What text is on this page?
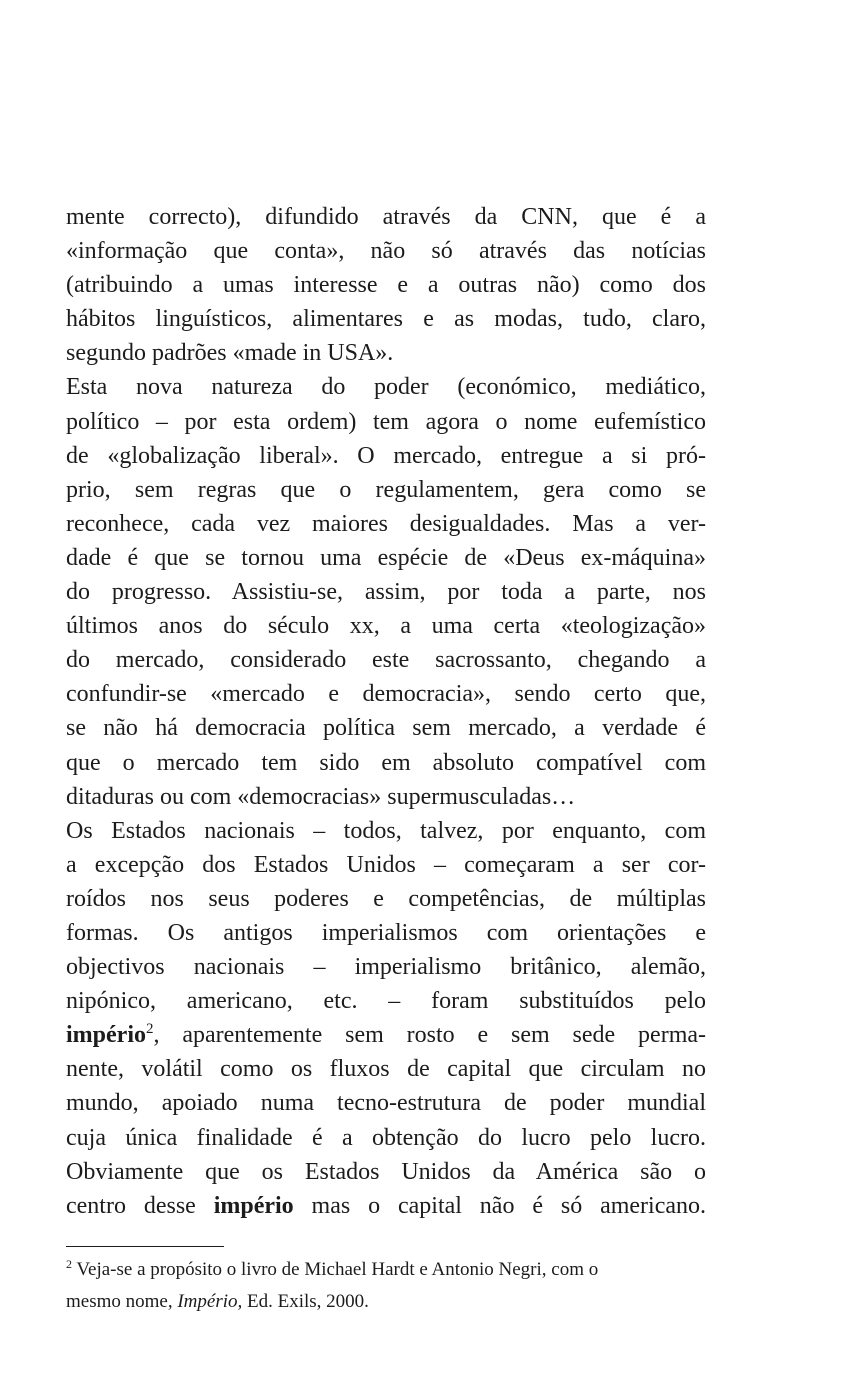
mente correcto), difundido através da CNN, que é a
«informação que conta», não só através das notícias
(atribuindo a umas interesse e a outras não) como dos
hábitos linguísticos, alimentares e as modas, tudo, claro,
segundo padrões «made in USA».
Esta nova natureza do poder (económico, mediático,
político – por esta ordem) tem agora o nome eufemístico
de «globalização liberal». O mercado, entregue a si pró-
prio, sem regras que o regulamentem, gera como se
reconhece, cada vez maiores desigualdades. Mas a ver-
dade é que se tornou uma espécie de «Deus ex-máquina»
do progresso. Assistiu-se, assim, por toda a parte, nos
últimos anos do século xx, a uma certa «teologização»
do mercado, considerado este sacrossanto, chegando a
confundir-se «mercado e democracia», sendo certo que,
se não há democracia política sem mercado, a verdade é
que o mercado tem sido em absoluto compatível com
ditaduras ou com «democracias» supermusculadas…
Os Estados nacionais – todos, talvez, por enquanto, com
a excepção dos Estados Unidos – começaram a ser cor-
roídos nos seus poderes e competências, de múltiplas
formas. Os antigos imperialismos com orientações e
objectivos nacionais – imperialismo britânico, alemão,
nipónico, americano, etc. – foram substituídos pelo
império$^2$, aparentemente sem rosto e sem sede perma-
nente, volátil como os fluxos de capital que circulam no
mundo, apoiado numa tecno-estrutura de poder mundial
cuja única finalidade é a obtenção do lucro pelo lucro.
Obviamente que os Estados Unidos da América são o
centro desse império mas o capital não é só americano.
$^2$ Veja-se a propósito o livro de Michael Hardt e Antonio Negri, com o
mesmo nome, Império, Ed. Exils, 2000.
